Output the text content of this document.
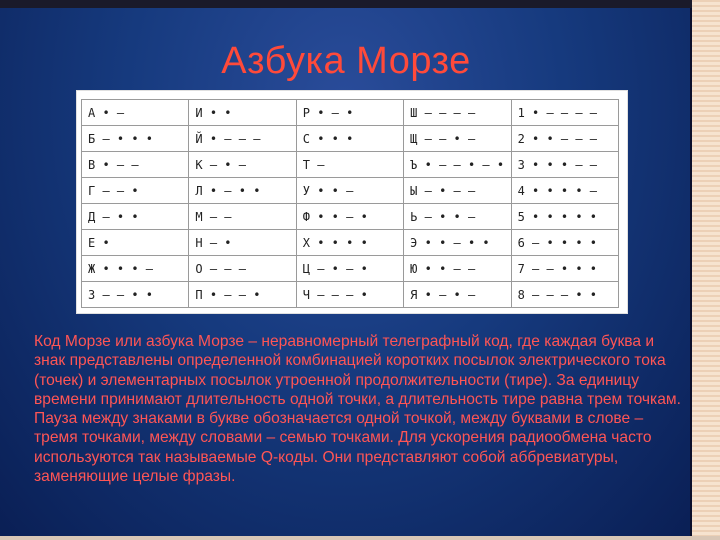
Азбука Морзе
А • —	И • •	Р • — •	Ш — — — —	1 • — — — —
Б — • • •	Й • — — —	С • • •	Щ — — • —	2 • • — — —
В • — —	К — • —	Т —	Ъ • — — • — •	3 • • • — —
Г — — •	Л • — • •	У • • —	Ы — • — —	4 • • • • —
Д — • •	М — —	Ф • • — •	Ь — • • —	5 • • • • •
Е •	Н — •	Х • • • •	Э • • — • •	6 — • • • •
Ж • • • —	О — — —	Ц — • — •	Ю • • — —	7 — — • • •
З — — • •	П • — — •	Ч — — — •	Я • — • —	8 — — — • •

Код Морзе или азбука Морзе – неравномерный телеграфный код, где каждая буква и знак представлены определенной комбинацией коротких посылок электрического тока (точек) и элементарных посылок утроенной продолжительности (тире). За единицу времени принимают длительность одной точки, а длительность тире равна трем точкам. Пауза между знаками в букве обозначается одной точкой, между буквами в слове – тремя точками, между словами – семью точками. Для ускорения радиообмена часто используются так называемые Q-коды. Они представляют собой аббревиатуры, заменяющие целые фразы.
